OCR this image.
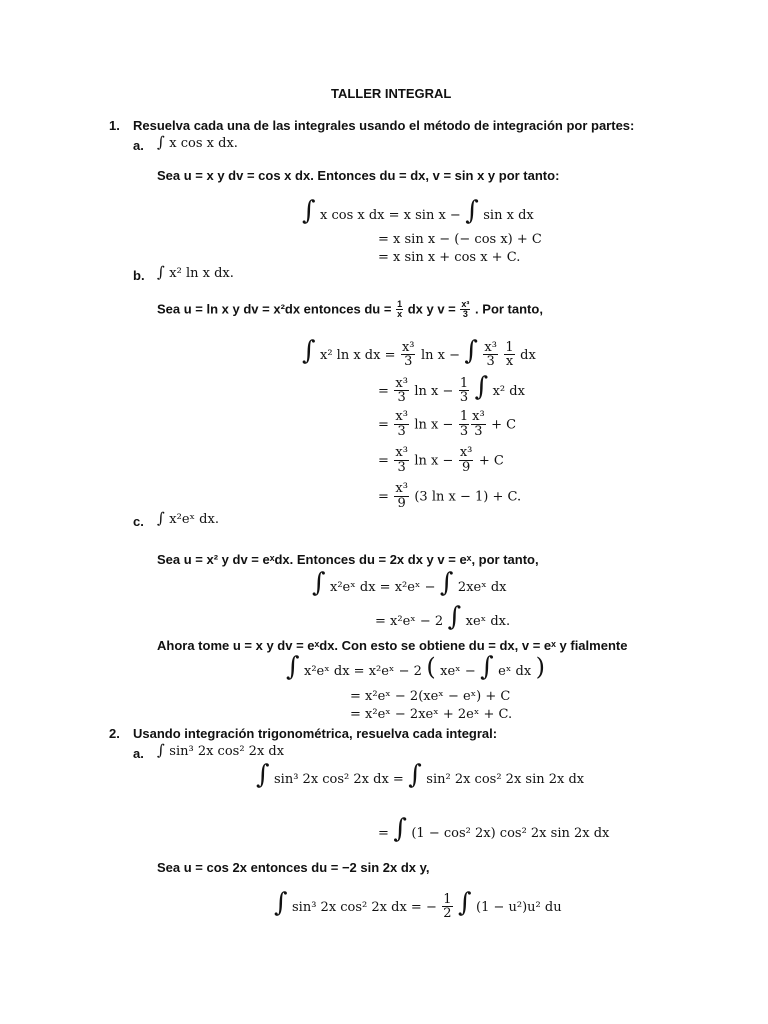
TALLER INTEGRAL
1. Resuelva cada una de las integrales usando el método de integración por partes:
a. ∫ x cos x dx.
Sea u = x y dv = cos x dx. Entonces du = dx, v = sin x y por tanto:
∫ x cos x dx = x sin x − ∫ sin x dx
= x sin x − (− cos x) + C
= x sin x + cos x + C.
b. ∫ x² ln x dx.
Sea u = ln x y dv = x²dx entonces du = $\frac{1}{x}$ dx y $v = \frac{\text{x³}}{3}$ . Por tanto,
∫ x² ln x dx = $\frac{\text{x³}}{3}$ ln x − ∫ $\frac{\text{x³}}{3}$
$\frac{1}{x}$ dx
= $\frac{\text{x³}}{3}$ $\ln x - \frac{1}{3}$ ∫ x² dx
= $\frac{\text{x³}}{3}$ $\ln x - \frac{1}{3} \frac{\text{x³}}{3} + C$
= $\frac{\text{x³}}{3}$ $\ln x - \frac{\text{x³}}{9} + C$
= $\frac{\text{x³}}{9} (3$ ln x − 1) + C.
c. ∫ x²eˣ dx.
Sea u = x² y dv = eˣdx. Entonces du = 2x dx y v = eˣ, por tanto,
∫ x²eˣ dx = x²eˣ − ∫ 2xeˣ dx
= x²eˣ − 2 ∫ xeˣ dx.
Ahora tome u = x y dv = eˣdx. Con esto se obtiene du = dx, v = eˣ y fialmente
∫ x²eˣ dx = x²eˣ − 2 ( xeˣ − ∫ eˣ dx )
= x²eˣ − 2(xeˣ − eˣ) + C
= x²eˣ − 2xeˣ + 2eˣ + C.
2. Usando integración trigonométrica, resuelva cada integral:
a. ∫ sin³ 2x cos² 2x dx
∫ sin³ 2x cos² 2x dx = ∫ sin² 2x cos² 2x sin 2x dx
= ∫ (1 − cos² 2x) cos² 2x sin 2x dx
Sea u = cos 2x entonces du = −2 sin 2x dx y,
∫ sin³ 2x cos² 2x dx = − $\frac{1}{2}$ ∫ (1 − u²)u² du
